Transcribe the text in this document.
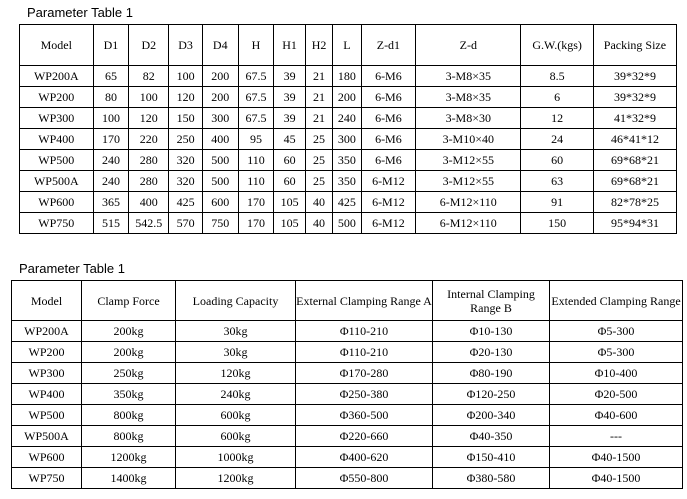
Parameter Table 1
Model	D1	D2	D3	D4	H	H1	H2	L	Z-d1	Z-d	G.W.(kgs)	Packing Size
WP200A	65	82	100	200	67.5	39	21	180	6-M6	3-M8×35	8.5	39*32*9
WP200	80	100	120	200	67.5	39	21	200	6-M6	3-M8×35	6	39*32*9
WP300	100	120	150	300	67.5	39	21	240	6-M6	3-M8×30	12	41*32*9
WP400	170	220	250	400	95	45	25	300	6-M6	3-M10×40	24	46*41*12
WP500	240	280	320	500	110	60	25	350	6-M6	3-M12×55	60	69*68*21
WP500A	240	280	320	500	110	60	25	350	6-M12	3-M12×55	63	69*68*21
WP600	365	400	425	600	170	105	40	425	6-M12	6-M12×110	91	82*78*25
WP750	515	542.5	570	750	170	105	40	500	6-M12	6-M12×110	150	95*94*31
Parameter Table 1
Model	Clamp Force	Loading Capacity	External Clamping Range A	Internal Clamping Range B	Extended Clamping Range
WP200A	200kg	30kg	Φ110-210	Φ10-130	Φ5-300
WP200	200kg	30kg	Φ110-210	Φ20-130	Φ5-300
WP300	250kg	120kg	Φ170-280	Φ80-190	Φ10-400
WP400	350kg	240kg	Φ250-380	Φ120-250	Φ20-500
WP500	800kg	600kg	Φ360-500	Φ200-340	Φ40-600
WP500A	800kg	600kg	Φ220-660	Φ40-350	---
WP600	1200kg	1000kg	Φ400-620	Φ150-410	Φ40-1500
WP750	1400kg	1200kg	Φ550-800	Φ380-580	Φ40-1500
